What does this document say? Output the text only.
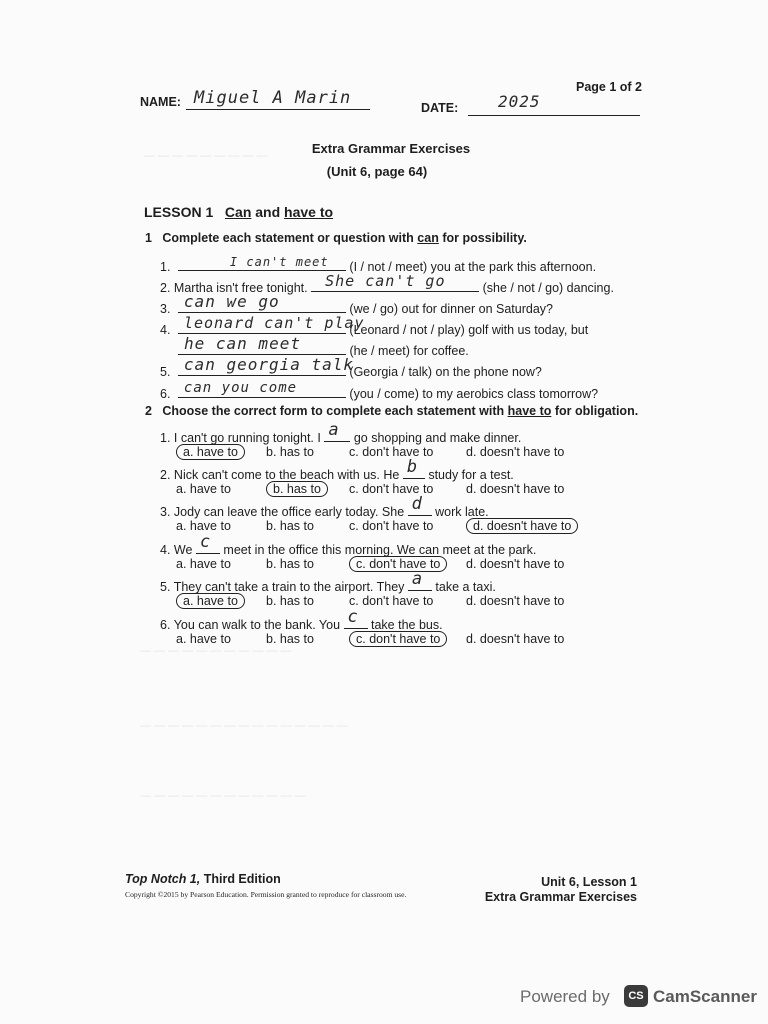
Page 1 of 2
NAME: Miguel A Marin	DATE: 2025
Extra Grammar Exercises
(Unit 6, page 64)
— — — — — — — — —
LESSON 1 Can and have to
1 Complete each statement or question with can for possibility.
1.	I can't meet (I / not / meet) you at the park this afternoon.
2. Martha isn't free tonight. She can't go	(she / not / go) dancing.
3. can we go	(we / go) out for dinner on Saturday?
4. leonard can't play
(Leonard / not / play) golf with us today, but
he can meet	(he / meet) for coffee.
5. can georgia talk
(Georgia / talk) on the phone now?
6. can you come	(you / come) to my aerobics class tomorrow?
2 Choose the correct form to complete each statement with have to for obligation.
1. I can't go running tonight. I a go shopping and make dinner.
a. have to	b. has to	c. don't have to	d. doesn't have to
2. Nick can't come to the beach with us. He b study for a test.
a. have to	b. has to	c. don't have to	d. doesn't have to
3. Jody can leave the office early today. She d work late.
a. have to	b. has to	c. don't have to	d. doesn't have to
4. We c meet in the office this morning. We can meet at the park.
a. have to	b. has to	c. don't have to	d. doesn't have to
5. They can't take a train to the airport. They a take a taxi.
a. have to	b. has to	c. don't have to	d. doesn't have to
6. You can walk to the bank. You c take the bus.
a. have to	b. has to	c. don't have to	d. doesn't have to
— — — — — — — — — — —
— — — — — — — — — — — — — — —
— — — — — — — — — — — —
Top Notch 1, Third Edition
Copyright ©2015 by Pearson Education. Permission granted to reproduce for classroom use.
Unit 6, Lesson 1
Extra Grammar Exercises
Powered by	CS CamScanner
